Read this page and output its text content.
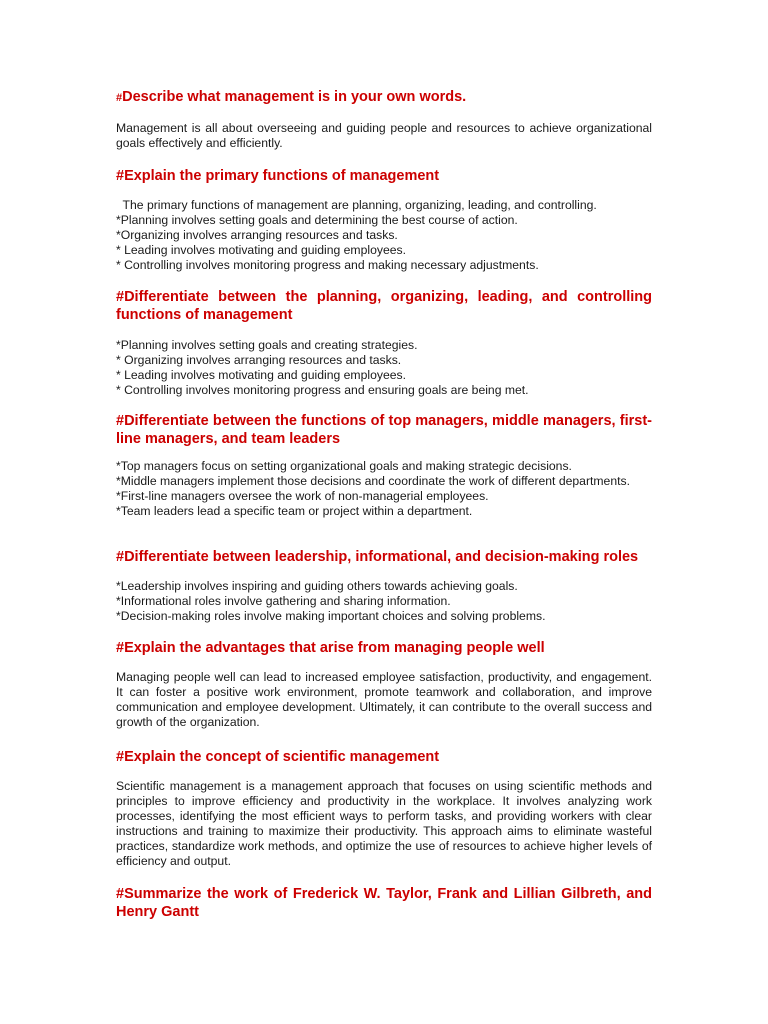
#Describe what management is in your own words.

Management is all about overseeing and guiding people and resources to achieve organizational goals effectively and efficiently.

#Explain the primary functions of management
The primary functions of management are planning, organizing, leading, and controlling.
*Planning involves setting goals and determining the best course of action.
*Organizing involves arranging resources and tasks.
* Leading involves motivating and guiding employees.
* Controlling involves monitoring progress and making necessary adjustments.
#Differentiate between the planning, organizing, leading, and controlling functions of management
*Planning involves setting goals and creating strategies.
* Organizing involves arranging resources and tasks.
* Leading involves motivating and guiding employees.
* Controlling involves monitoring progress and ensuring goals are being met.
#Differentiate between the functions of top managers, middle managers, first-line managers, and team leaders
*Top managers focus on setting organizational goals and making strategic decisions.
*Middle managers implement those decisions and coordinate the work of different departments.
*First-line managers oversee the work of non-managerial employees.
*Team leaders lead a specific team or project within a department.
#Differentiate between leadership, informational, and decision-making roles
*Leadership involves inspiring and guiding others towards achieving goals.
*Informational roles involve gathering and sharing information.
*Decision-making roles involve making important choices and solving problems.
#Explain the advantages that arise from managing people well

Managing people well can lead to increased employee satisfaction, productivity, and engagement. It can foster a positive work environment, promote teamwork and collaboration, and improve communication and employee development. Ultimately, it can contribute to the overall success and growth of the organization.

#Explain the concept of scientific management

Scientific management is a management approach that focuses on using scientific methods and principles to improve efficiency and productivity in the workplace. It involves analyzing work processes, identifying the most efficient ways to perform tasks, and providing workers with clear instructions and training to maximize their productivity. This approach aims to eliminate wasteful practices, standardize work methods, and optimize the use of resources to achieve higher levels of efficiency and output.

#Summarize the work of Frederick W. Taylor, Frank and Lillian Gilbreth, and Henry Gantt
